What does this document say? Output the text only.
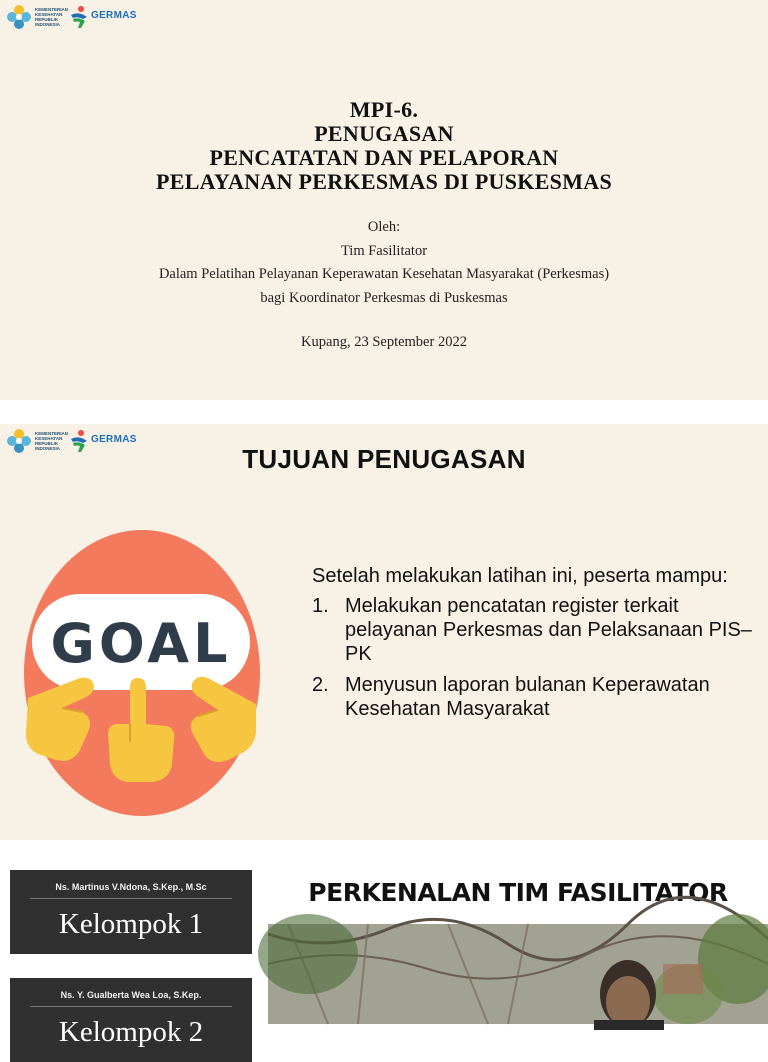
KEMENTERIAN
KESEHATAN
REPUBLIK
INDONESIA
GERMAS

MPI-6.
PENUGASAN
PENCATATAN DAN PELAPORAN
PELAYANAN PERKESMAS DI PUSKESMAS
Oleh:
Tim Fasilitator
Dalam Pelatihan Pelayanan Keperawatan Kesehatan Masyarakat (Perkesmas)
bagi Koordinator Perkesmas di Puskesmas
Kupang, 23 September 2022
KEMENTERIAN
KESEHATAN
REPUBLIK
INDONESIA
GERMAS

TUJUAN PENUGASAN
GOAL
Setelah melakukan latihan ini, peserta mampu:
1. Melakukan pencatatan register terkait pelayanan Perkesmas dan Pelaksanaan PIS–PK
2. Menyusun laporan bulanan Keperawatan Kesehatan Masyarakat
Ns. Martinus V.Ndona, S.Kep., M.Sc
Kelompok 1
Ns. Y. Gualberta Wea Loa, S.Kep.
Kelompok 2
PERKENALAN TIM FASILITATOR
